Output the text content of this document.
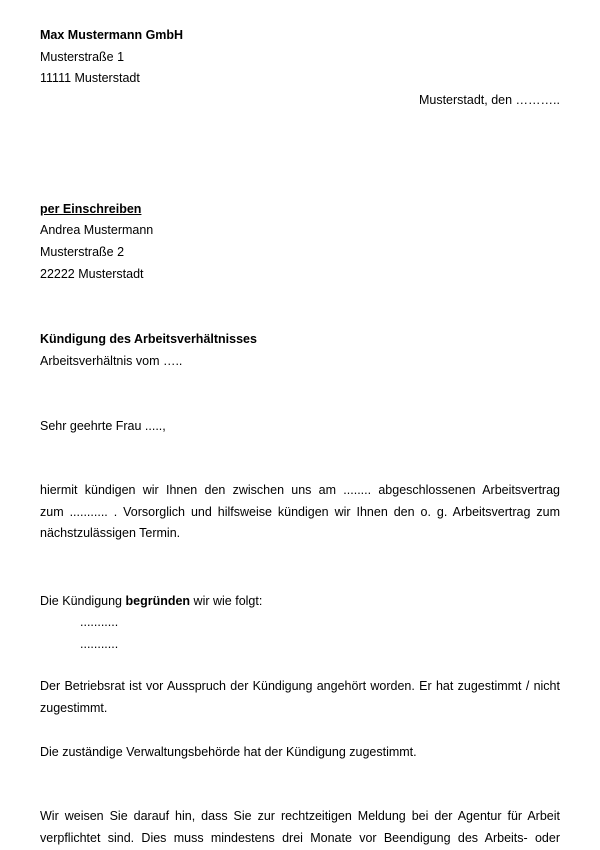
Max Mustermann GmbH
Musterstraße 1
11111 Musterstadt
Musterstadt, den ………..
per Einschreiben
Andrea Mustermann
Musterstraße 2
22222 Musterstadt
Kündigung des Arbeitsverhältnisses
Arbeitsverhältnis vom …..
Sehr geehrte Frau .....,
hiermit kündigen wir Ihnen den zwischen uns am ........ abgeschlossenen Arbeitsvertrag
zum ........... . Vorsorglich und hilfsweise kündigen wir Ihnen den o. g. Arbeitsvertrag zum
nächstzulässigen Termin.
Die Kündigung begründen wir wie folgt:
...........
...........
Der Betriebsrat ist vor Ausspruch der Kündigung angehört worden. Er hat zugestimmt / nicht
zugestimmt.
Die zuständige Verwaltungsbehörde hat der Kündigung zugestimmt.
Wir weisen Sie darauf hin, dass Sie zur rechtzeitigen Meldung bei der Agentur für Arbeit
verpflichtet sind. Dies muss mindestens drei Monate vor Beendigung des Arbeits- oder
